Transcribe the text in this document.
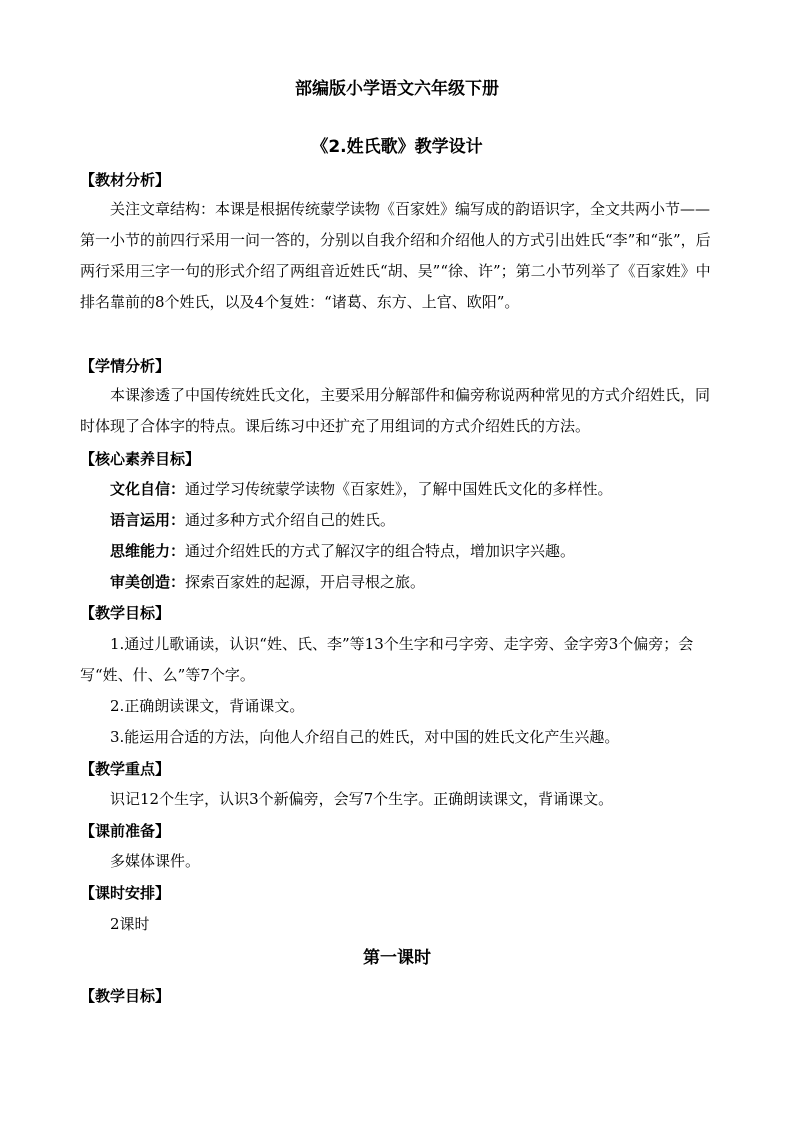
部编版小学语文六年级下册
《2.姓氏歌》教学设计
【教材分析】
关注文章结构：本课是根据传统蒙学读物《百家姓》编写成的韵语识字，全文共两小节——第一小节的前四行采用一问一答的，分别以自我介绍和介绍他人的方式引出姓氏“李”和“张”，后两行采用三字一句的形式介绍了两组音近姓氏“胡、吴”“徐、许”；第二小节列举了《百家姓》中排名靠前的8个姓氏，以及4个复姓：“诸葛、东方、上官、欧阳”。
【学情分析】
本课渗透了中国传统姓氏文化，主要采用分解部件和偏旁称说两种常见的方式介绍姓氏，同时体现了合体字的特点。课后练习中还扩充了用组词的方式介绍姓氏的方法。
【核心素养目标】
文化自信：通过学习传统蒙学读物《百家姓》，了解中国姓氏文化的多样性。
语言运用：通过多种方式介绍自己的姓氏。
思维能力：通过介绍姓氏的方式了解汉字的组合特点，增加识字兴趣。
审美创造：探索百家姓的起源，开启寻根之旅。
【教学目标】
1.通过儿歌诵读，认识“姓、氏、李”等13个生字和弓字旁、走字旁、金字旁3个偏旁；会写“姓、什、么”等7个字。
2.正确朗读课文，背诵课文。
3.能运用合适的方法，向他人介绍自己的姓氏，对中国的姓氏文化产生兴趣。
【教学重点】
识记12个生字，认识3个新偏旁，会写7个生字。正确朗读课文，背诵课文。
【课前准备】
多媒体课件。
【课时安排】
2课时
第一课时
【教学目标】
